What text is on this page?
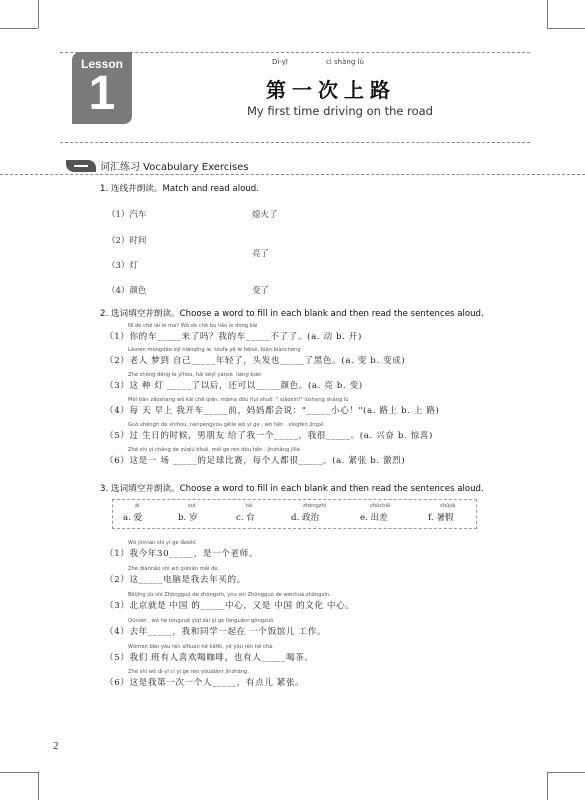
Lesson
1
Dì-yī	cì shàng lù
第一次上路
My first time driving on the road
词汇练习 Vocabulary Exercises
1. 连线并朗读。Match and read aloud.
（1）汽车
（2）时间
（3）灯
（4）颜色
熄火了
亮了
变了
2. 选词填空并朗读。Choose a word to fill in each blank and then read the sentences aloud.
Nǐ de chē lái le ma? Wǒ de chē bu liǎo le dòng kāi
（1）你的车_____来了吗？我的车_____不了了。(a. 动 b. 开)
Lǎorén mèngdào zìjǐ niánqīng le. tóufa yě le hēisè. biàn biànchéng
（2）老人 梦到 自己_____年轻了，头发也_____了黑色。(a. 变 b. 变成)
Zhè zhǒng dēng le yǐhòu, hái kěyǐ yánsè. liàng biàn
（3）这 种 灯 _____了以后，还可以_____颜色。(a. 亮 b. 变)
Měi tiān zǎoshang wǒ kāi chē qián, māma dōu huì shuō: " xiǎoxīn!" lùshang shàng lù
（4）每 天 早上 我开车_____前，妈妈都会说："_____小心！"(a. 路上 b. 上 路)
Guò shēngrì de shíhou, nánpéngyou gěile wǒ yí ge , wǒ hěn . xīngfèn jīngxǐ
（5）过 生日的时候，男朋友 给了我一个_____，我很_____。(a. 兴奋 b. 惊喜)
Zhè shì yì chǎng de zúqiú bǐsài, měi ge rén dōu hěn . jǐnzhāng jīliè
（6）这是一 场 _____的足球比赛，每个人都很_____。(a. 紧张 b. 激烈)
3. 选词填空并朗读。Choose a word to fill in each blank and then read the sentences aloud.
ài
a. 爱
suì
b. 岁
tái
c. 台
zhèngzhì
d. 政治
chūchāi
e. 出差
shǔjià
f. 暑假
Wǒ jīnnián shì yí ge lǎoshī.
（1）我今年30_____，是一个老师。
Zhè diànnǎo shì wǒ qùnián mǎi de.
（2）这_____电脑是我去年买的。
Běijīng jiù shì Zhōngguó de zhōngxīn, yòu shì Zhōngguó de wénhuà zhōngxīn.
（3）北京就是 中国 的_____中心，又是 中国 的文化 中心。
Qùnián , wǒ hé tóngxué yìqǐ zài yí ge fànguǎnr gōngzuò.
（4）去年_____，我和同学一起在 一个饭馆儿 工作。
Wǒmen bān yǒu rén xǐhuan hē kāfēi, yě yǒu rén hē chá.
（5）我们 班有人喜欢喝咖啡，也有人_____喝茶。
Zhè shì wǒ dì-yī cì yí ge rén yǒudiǎnr jǐnzhāng.
（6）这是我第一次一个人_____，有点儿 紧张。
2
